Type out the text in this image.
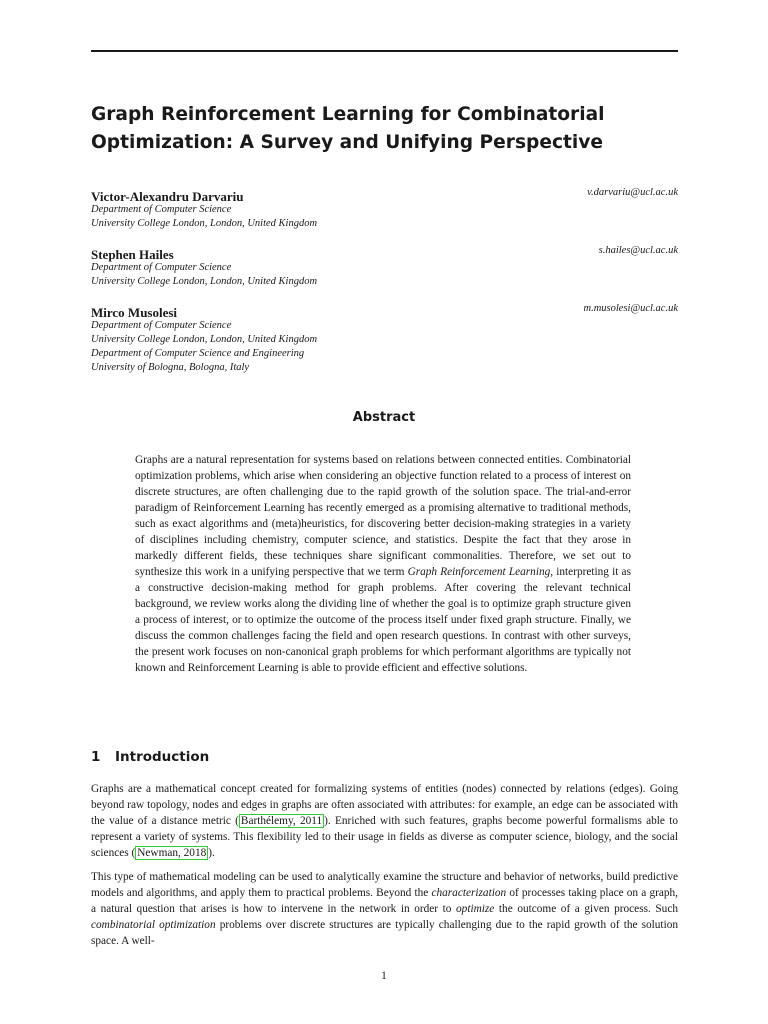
Graph Reinforcement Learning for Combinatorial
Optimization: A Survey and Unifying Perspective
Victor-Alexandru Darvariu	v.darvariu@ucl.ac.uk
Department of Computer Science
University College London, London, United Kingdom
Stephen Hailes	s.hailes@ucl.ac.uk
Department of Computer Science
University College London, London, United Kingdom
Mirco Musolesi	m.musolesi@ucl.ac.uk
Department of Computer Science
University College London, London, United Kingdom
Department of Computer Science and Engineering
University of Bologna, Bologna, Italy
Abstract
Graphs are a natural representation for systems based on relations between connected entities. Combinatorial optimization problems, which arise when considering an objective function related to a process of interest on discrete structures, are often challenging due to the rapid growth of the solution space. The trial-and-error paradigm of Reinforcement Learning has recently emerged as a promising alternative to traditional methods, such as exact algorithms and (meta)heuristics, for discovering better decision-making strategies in a variety of disciplines including chemistry, computer science, and statistics. Despite the fact that they arose in markedly different fields, these techniques share significant commonalities. Therefore, we set out to synthesize this work in a unifying perspective that we term Graph Reinforcement Learning, interpreting it as a constructive decision-making method for graph problems. After covering the relevant technical background, we review works along the dividing line of whether the goal is to optimize graph structure given a process of interest, or to optimize the outcome of the process itself under fixed graph structure. Finally, we discuss the common challenges facing the field and open research questions. In contrast with other surveys, the present work focuses on non-canonical graph problems for which performant algorithms are typically not known and Reinforcement Learning is able to provide efficient and effective solutions.
1 Introduction

Graphs are a mathematical concept created for formalizing systems of entities (nodes) connected by relations (edges). Going beyond raw topology, nodes and edges in graphs are often associated with attributes: for example, an edge can be associated with the value of a distance metric ( Barthélemy, 2011 ). Enriched with such features, graphs become powerful formalisms able to represent a variety of systems. This flexibility led to their usage in fields as diverse as computer science, biology, and the social sciences ( Newman, 2018 ).

This type of mathematical modeling can be used to analytically examine the structure and behavior of networks, build predictive models and algorithms, and apply them to practical problems. Beyond the characterization of processes taking place on a graph, a natural question that arises is how to intervene in the network in order to optimize the outcome of a given process. Such combinatorial optimization problems over discrete structures are typically challenging due to the rapid growth of the solution space. A well-

1
